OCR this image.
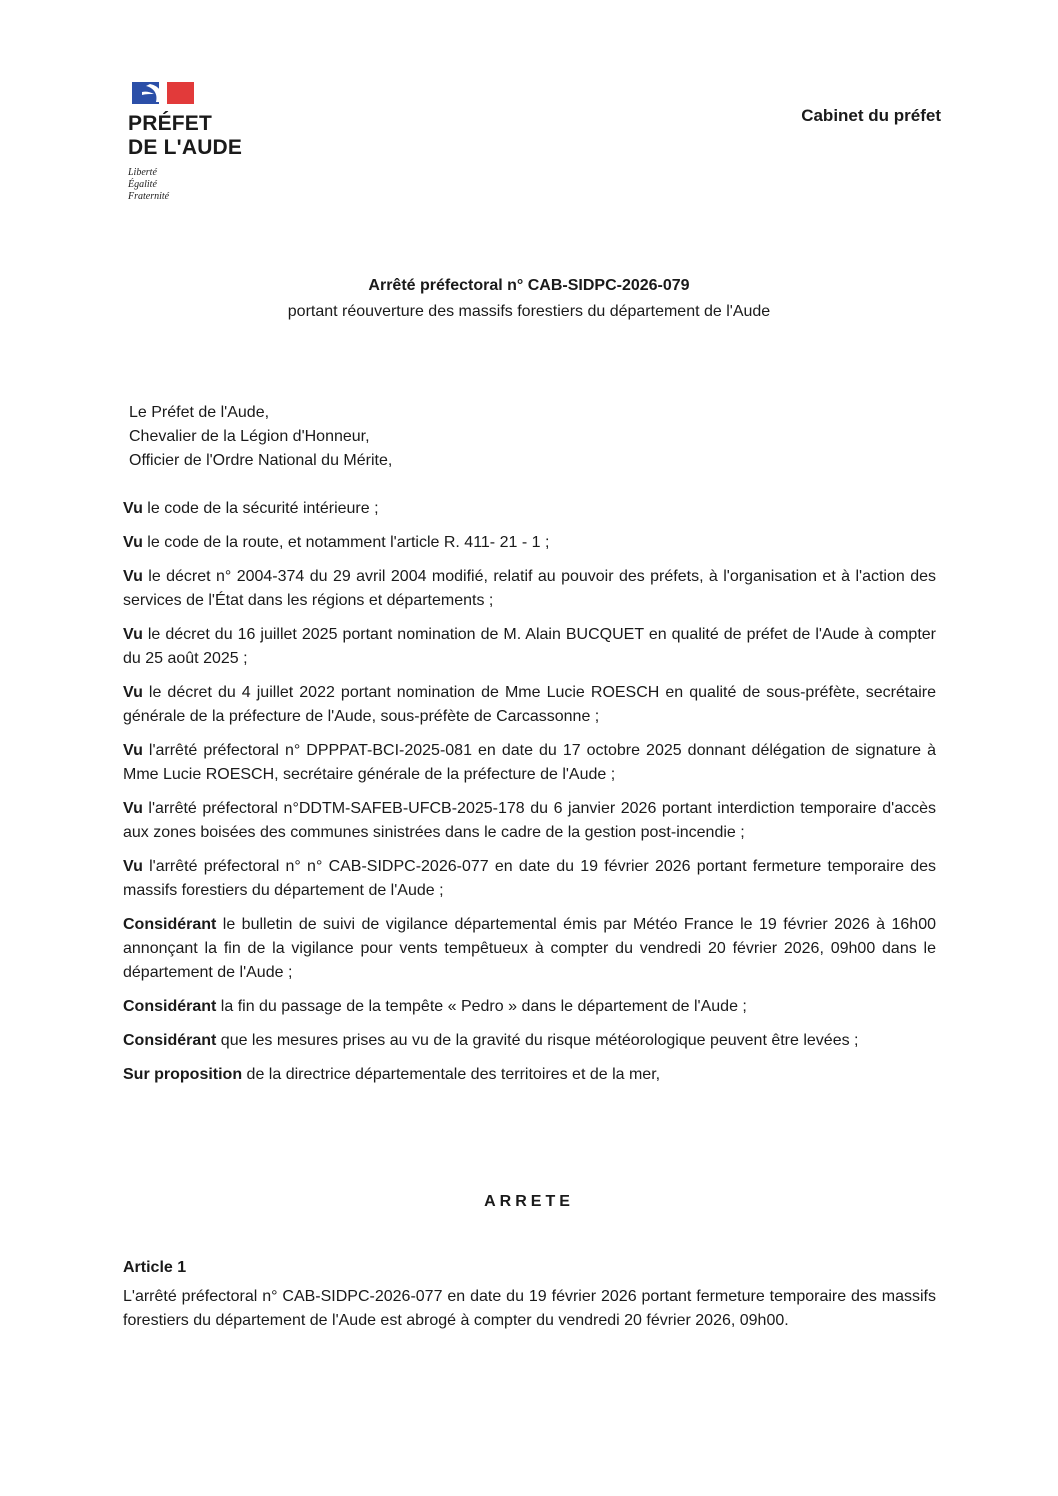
PRÉFET
DE L'AUDE
Liberté
Égalité
Fraternité
Cabinet du préfet
Arrêté préfectoral n° CAB-SIDPC-2026-079
portant réouverture des massifs forestiers du département de l'Aude
Le Préfet de l'Aude,
Chevalier de la Légion d'Honneur,
Officier de l'Ordre National du Mérite,

Vu le code de la sécurité intérieure ;

Vu le code de la route, et notamment l'article R. 411- 21 - 1 ;

Vu le décret n° 2004-374 du 29 avril 2004 modifié, relatif au pouvoir des préfets, à l'organisation et à l'action des services de l'État dans les régions et départements ;

Vu le décret du 16 juillet 2025 portant nomination de M. Alain BUCQUET en qualité de préfet de l'Aude à compter du 25 août 2025 ;

Vu le décret du 4 juillet 2022 portant nomination de Mme Lucie ROESCH en qualité de sous-préfète, secrétaire générale de la préfecture de l'Aude, sous-préfète de Carcassonne ;

Vu l'arrêté préfectoral n° DPPPAT-BCI-2025-081 en date du 17 octobre 2025 donnant délégation de signature à Mme Lucie ROESCH, secrétaire générale de la préfecture de l'Aude ;

Vu l'arrêté préfectoral n°DDTM-SAFEB-UFCB-2025-178 du 6 janvier 2026 portant interdiction temporaire d'accès aux zones boisées des communes sinistrées dans le cadre de la gestion post-incendie ;

Vu l'arrêté préfectoral n° n° CAB-SIDPC-2026-077 en date du 19 février 2026 portant fermeture temporaire des massifs forestiers du département de l'Aude ;

Considérant le bulletin de suivi de vigilance départemental émis par Météo France le 19 février 2026 à 16h00 annonçant la fin de la vigilance pour vents tempêtueux à compter du vendredi 20 février 2026, 09h00 dans le département de l'Aude ;

Considérant la fin du passage de la tempête « Pedro » dans le département de l'Aude ;

Considérant que les mesures prises au vu de la gravité du risque météorologique peuvent être levées ;

Sur proposition de la directrice départementale des territoires et de la mer,

ARRETE
Article 1
L'arrêté préfectoral n° CAB-SIDPC-2026-077 en date du 19 février 2026 portant fermeture temporaire des massifs forestiers du département de l'Aude est abrogé à compter du vendredi 20 février 2026, 09h00.
